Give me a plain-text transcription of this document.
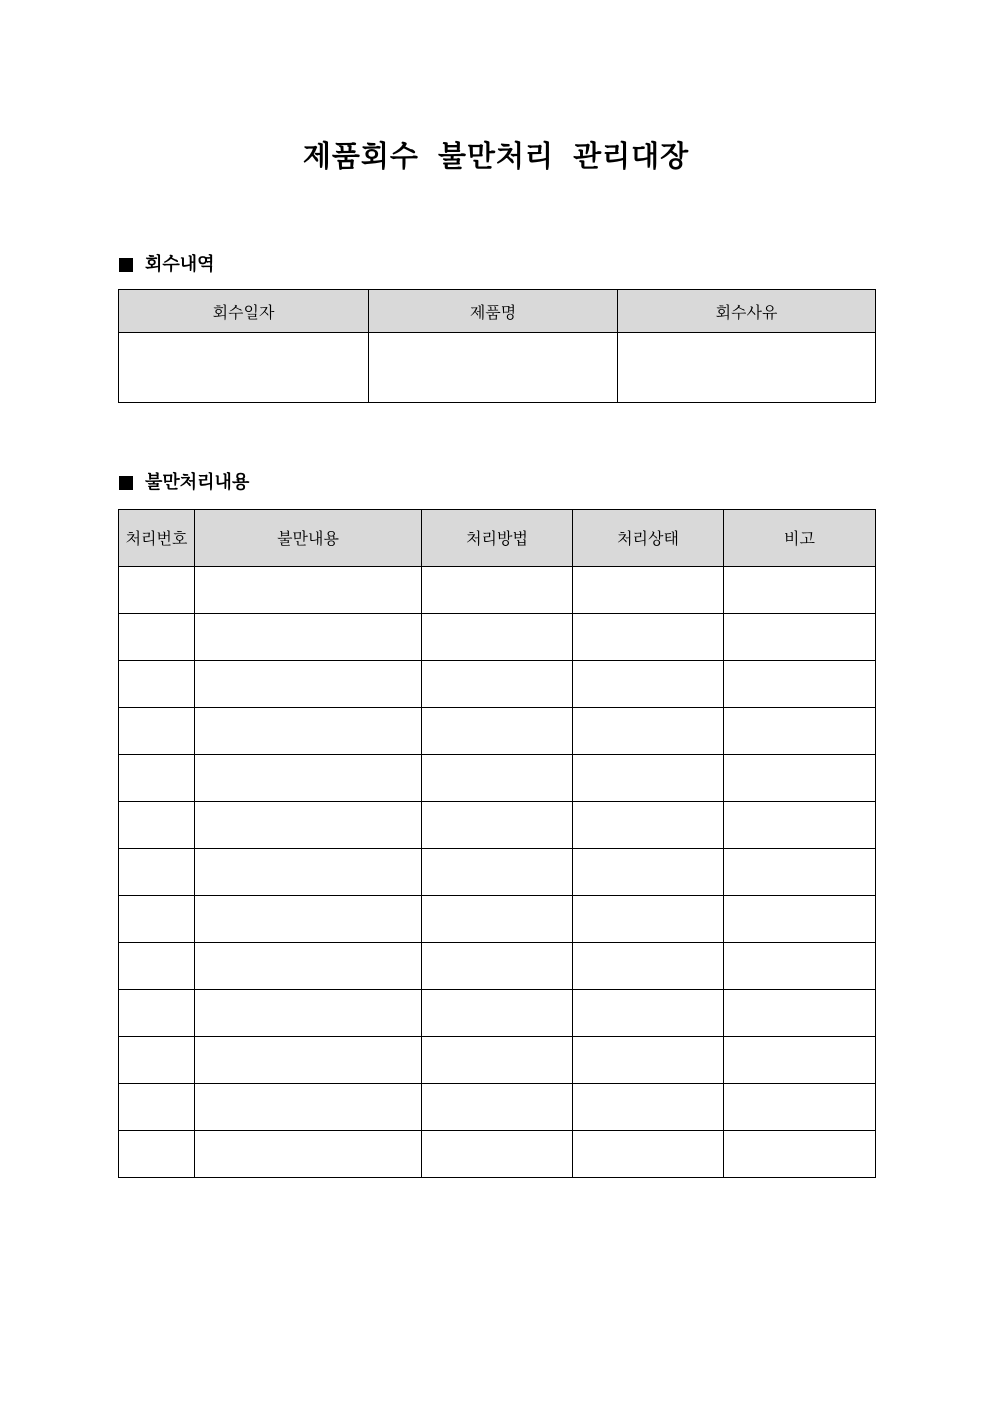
제품회수 불만처리 관리대장
회수내역
회수일자	제품명	회수사유

불만처리내용
처리번호	불만내용	처리방법	처리상태	비고
